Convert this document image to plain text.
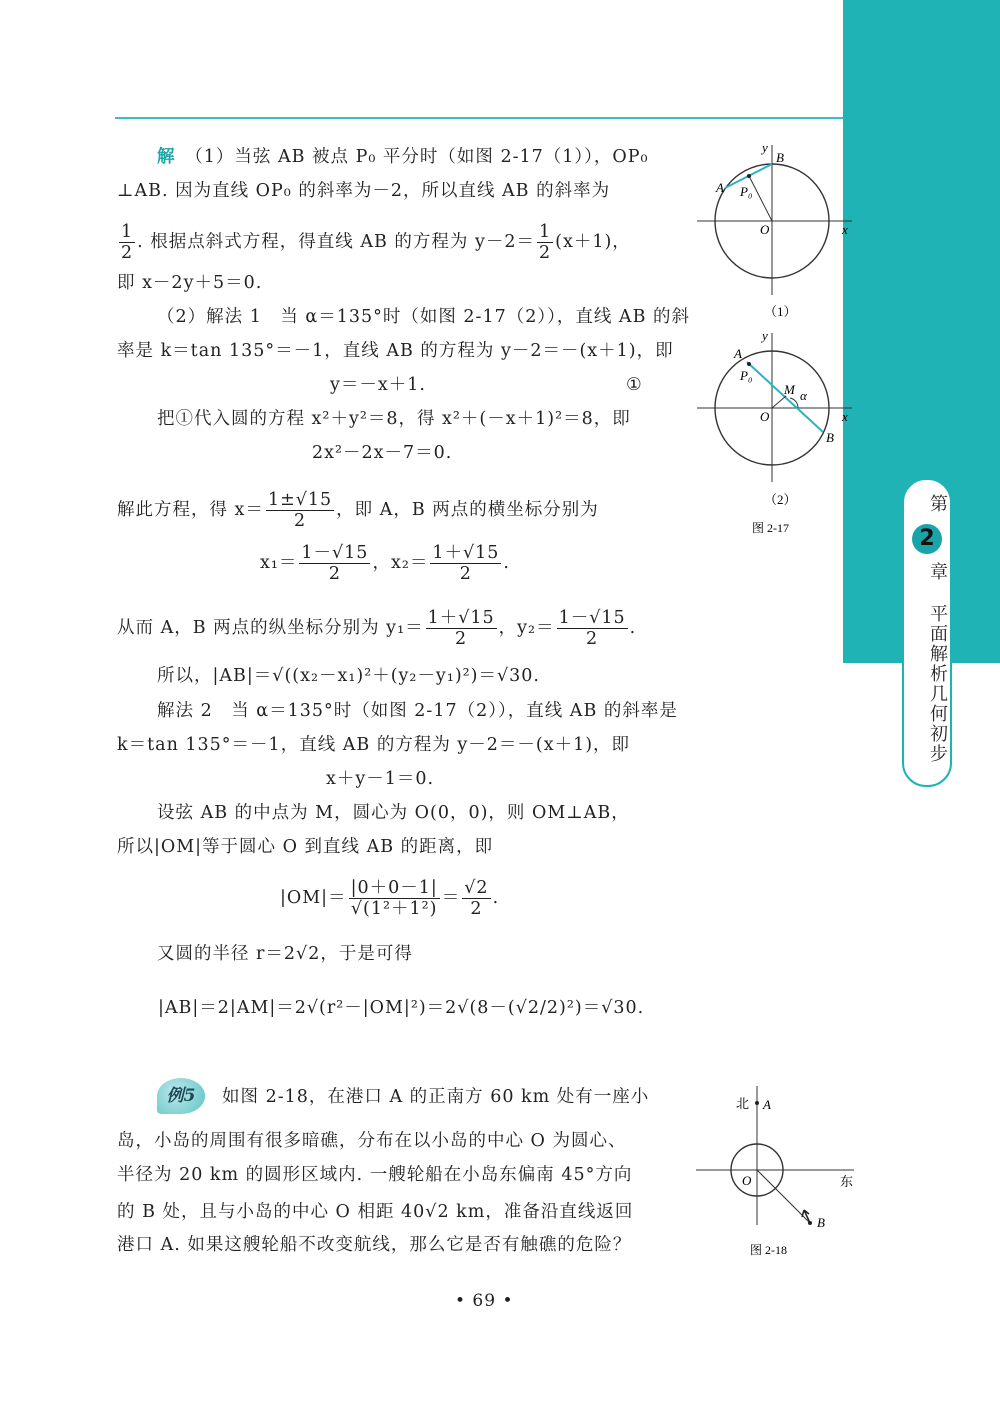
解　 （1）当弦 AB 被点 P₀ 平分时（如图 2-17（1）），OP₀
⊥AB. 因为直线 OP₀ 的斜率为－2，所以直线 AB 的斜率为
$\frac{1}{2}$ . 根据点斜式方程，得直线 AB 的方程为 $y-2= \frac{1}{2} (x+1)$，
即 x－2y＋5＝0.
（2）解法 1　当 α＝135°时（如图 2-17（2）），直线 AB 的斜
率是 k＝tan 135°＝－1，直线 AB 的方程为 y－2＝－(x＋1)，即
y＝－x＋1.	①
把①代入圆的方程 x²＋y²＝8，得 x²＋(－x＋1)²＝8，即
2x²－2x－7＝0.
解此方程，得 $x= \frac{1\pm√15}{2}$ ，即 A，B 两点的横坐标分别为
$x_1= \frac{1-√15}{2}$ ，$x_2= \frac{1+√15}{2}$ .
从而 A，B 两点的纵坐标分别为 $y_1= \frac{1+√15}{2}$ ，$y_2= \frac{1-√15}{2}$ .
所以，|AB|＝√((x₂－x₁)²＋(y₂－y₁)²)＝√30.
解法 2　当 α＝135°时（如图 2-17（2）），直线 AB 的斜率是
k＝tan 135°＝－1，直线 AB 的方程为 y－2＝－(x＋1)，即
x＋y－1＝0.
设弦 AB 的中点为 M，圆心为 O(0，0)，则 OM⊥AB，
所以|OM|等于圆心 O 到直线 AB 的距离，即
$|OM|= \frac{|0+0-1|}{\text{√(1²＋1²)}} = \frac{√2}{2}$ .
又圆的半径 r＝2√2，于是可得
|AB|＝2|AM|＝2√(r²－|OM|²)＝2√(8－(√2/2)²)＝√30.
例5	如图 2-18，在港口 A 的正南方 60 km 处有一座小
岛，小岛的周围有很多暗礁，分布在以小岛的中心 O 为圆心、
半径为 20 km 的圆形区域内. 一艘轮船在小岛东偏南 45°方向
的 B 处，且与小岛的中心 O 相距 40√2 km，准备沿直线返回
港口 A. 如果这艘轮船不改变航线，那么它是否有触礁的危险？
y
B
A P₀
O	x
（1）
y
A
P₀
M α
O	x
B
（2）
图 2-17
北 A
O	东
B
图 2-18
第
2
章
平面解析几何初步
• 69 •
